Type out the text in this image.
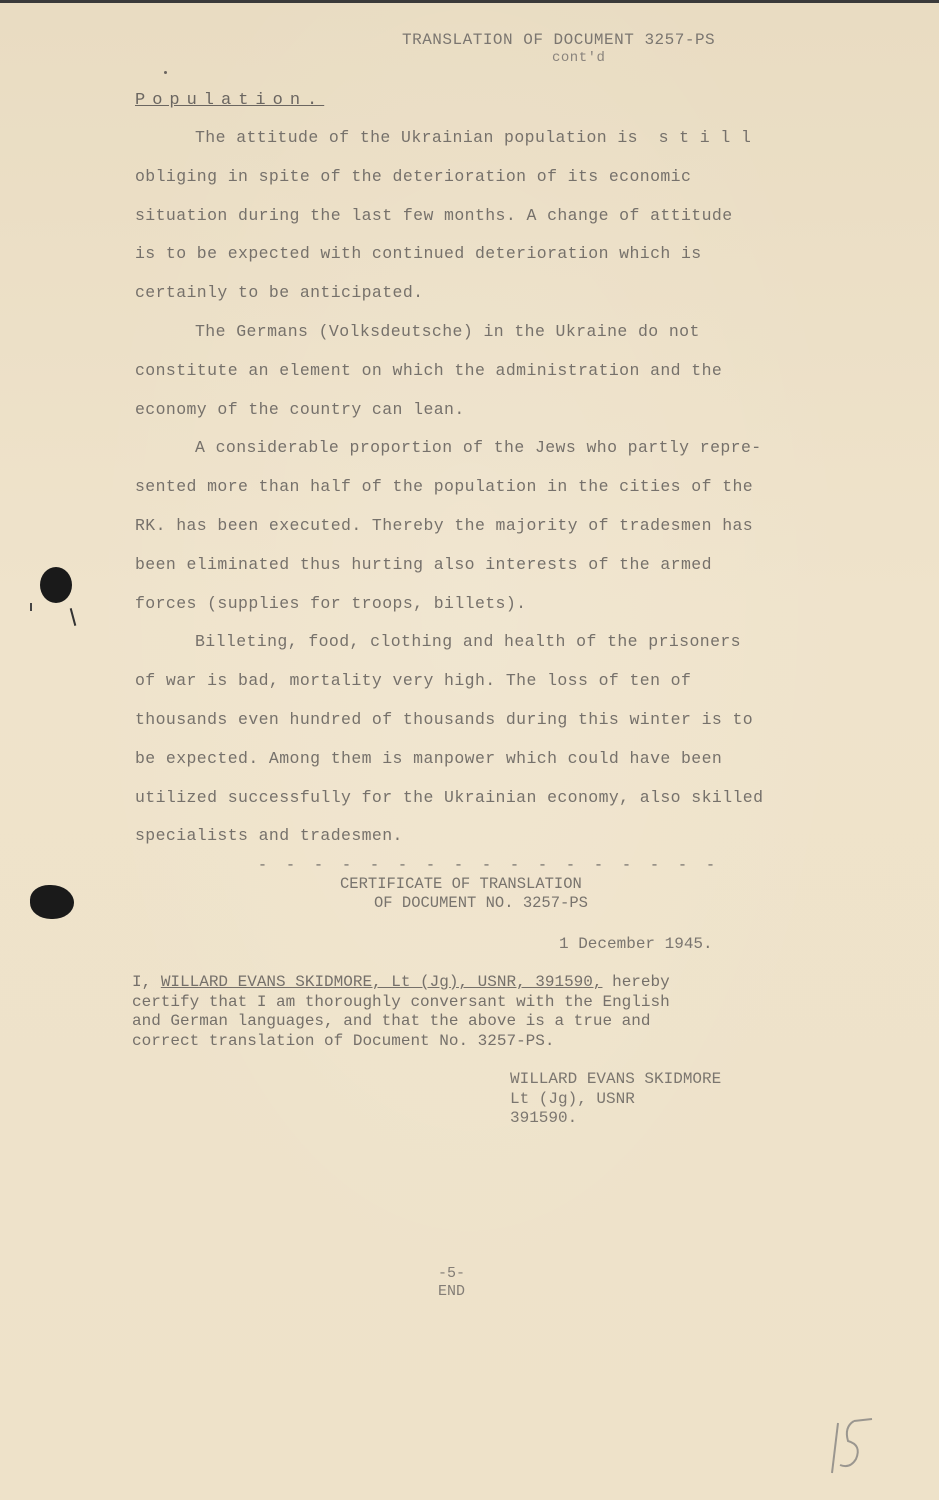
TRANSLATION OF DOCUMENT 3257-PS
cont'd
Population.

The attitude of the Ukrainian population is  s t i l l
obliging in spite of the deterioration of its economic
situation during the last few months. A change of attitude
is to be expected with continued deterioration which is
certainly to be anticipated.

The Germans (Volksdeutsche) in the Ukraine do not
constitute an element on which the administration and the
economy of the country can lean.

A considerable proportion of the Jews who partly repre-
sented more than half of the population in the cities of the
RK. has been executed. Thereby the majority of tradesmen has
been eliminated thus hurting also interests of the armed
forces (supplies for troops, billets).

Billeting, food, clothing and health of the prisoners
of war is bad, mortality very high. The loss of ten of
thousands even hundred of thousands during this winter is to
be expected. Among them is manpower which could have been
utilized successfully for the Ukrainian economy, also skilled
specialists and tradesmen.

- - - - - - - - - - - - - - - - -
CERTIFICATE OF TRANSLATION
OF DOCUMENT NO. 3257-PS
1 December 1945.
I, WILLARD EVANS SKIDMORE, Lt (Jg), USNR, 391590, hereby
certify that I am thoroughly conversant with the English
and German languages, and that the above is a true and
correct translation of Document No. 3257-PS.
WILLARD EVANS SKIDMORE
Lt (Jg), USNR
391590.
-5-
END
